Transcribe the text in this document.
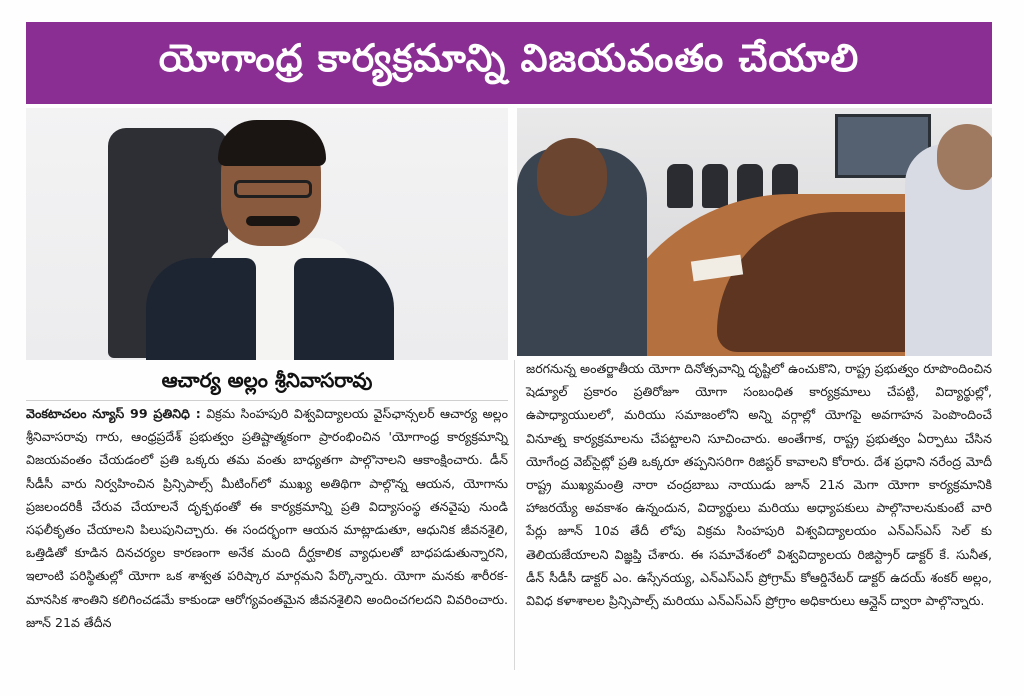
యోగాంధ్ర కార్యక్రమాన్ని విజయవంతం చేయాలి
ఆచార్య అల్లం శ్రీనివాసరావు

వెంకటాచలం న్యూస్ 99 ప్రతినిధి : విక్రమ సింహపురి విశ్వవిద్యాలయ వైస్‌ఛాన్సలర్ ఆచార్య అల్లం శ్రీనివాసరావు గారు, ఆంధ్రప్రదేశ్ ప్రభుత్వం ప్రతిష్టాత్మకంగా ప్రారంభించిన 'యోగాంధ్ర కార్యక్రమాన్ని విజయవంతం చేయడంలో ప్రతి ఒక్కరు తమ వంతు బాధ్యతగా పాల్గొనాలని ఆకాంక్షించారు. డీన్ సీడీసీ వారు నిర్వహించిన ప్రిన్సిపాల్స్ మీటింగ్‌లో ముఖ్య అతిథిగా పాల్గొన్న ఆయన, యోగాను ప్రజలందరికీ చేరువ చేయాలనే దృక్పథంతో ఈ కార్యక్రమాన్ని ప్రతి విద్యాసంస్థ తనవైపు నుండి సఫలీకృతం చేయాలని పిలుపునిచ్చారు. ఈ సందర్భంగా ఆయన మాట్లాడుతూ, ఆధునిక జీవనశైలి, ఒత్తిడితో కూడిన దినచర్యల కారణంగా అనేక మంది దీర్ఘకాలిక వ్యాధులతో బాధపడుతున్నారని, ఇలాంటి పరిస్థితుల్లో యోగా ఒక శాశ్వత పరిష్కార మార్గమని పేర్కొన్నారు. యోగా మనకు శారీరక-మానసిక శాంతిని కలిగించడమే కాకుండా ఆరోగ్యవంతమైన జీవనశైలిని అందించగలదని వివరించారు. జూన్ 21వ తేదీన

జరగనున్న అంతర్జాతీయ యోగా దినోత్సవాన్ని దృష్టిలో ఉంచుకొని, రాష్ట్ర ప్రభుత్వం రూపొందించిన షెడ్యూల్ ప్రకారం ప్రతిరోజూ యోగా సంబంధిత కార్యక్రమాలు చేపట్టి, విద్యార్థుల్లో, ఉపాధ్యాయులలో, మరియు సమాజంలోని అన్ని వర్గాల్లో యోగపై అవగాహన పెంపొందించే వినూత్న కార్యక్రమాలను చేపట్టాలని సూచించారు. అంతేగాక, రాష్ట్ర ప్రభుత్వం ఏర్పాటు చేసిన యోగేంద్ర వెబ్‌సైట్లో ప్రతి ఒక్కరూ తప్పనిసరిగా రిజిస్టర్ కావాలని కోరారు. దేశ ప్రధాని నరేంద్ర మోదీ రాష్ట్ర ముఖ్యమంత్రి నారా చంద్రబాబు నాయుడు జూన్ 21న మెగా యోగా కార్యక్రమానికి హాజరయ్యే అవకాశం ఉన్నందున, విద్యార్థులు మరియు అధ్యాపకులు పాల్గొనాలనుకుంటే వారి పేర్లు జూన్ 10వ తేదీ లోపు విక్రమ సింహపురి విశ్వవిద్యాలయం ఎన్‌ఎస్‌ఎస్ సెల్ కు తెలియజేయాలని విజ్ఞప్తి చేశారు. ఈ సమావేశంలో విశ్వవిద్యాలయ రిజిస్ట్రార్ డాక్టర్ కే. సునీత, డీన్ సీడీసీ డాక్టర్ ఎం. ఉస్సేనయ్య, ఎన్‌ఎస్‌ఎస్ ప్రోగ్రామ్ కోఆర్డినేటర్ డాక్టర్ ఉదయ్ శంకర్ అల్లం, వివిధ కళాశాలల ప్రిన్సిపాల్స్ మరియు ఎన్‌ఎస్‌ఎస్ ప్రోగ్రాం అధికారులు ఆన్లైన్ ద్వారా పాల్గొన్నారు.
